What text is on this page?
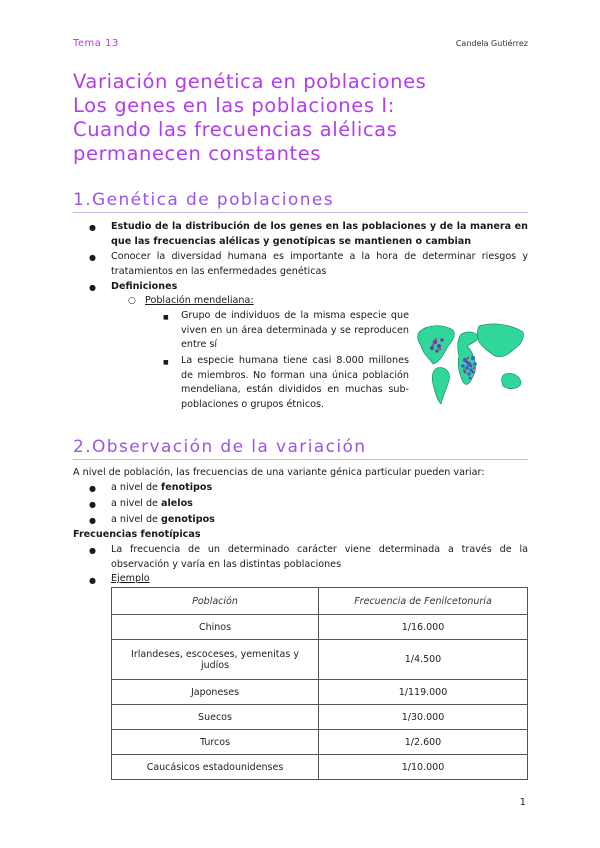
Tema 13	Candela Gutiérrez
Variación genética en poblaciones
Los genes en las poblaciones I:
Cuando las frecuencias alélicas
permanecen constantes
1.Genética de poblaciones
● Estudio de la distribución de los genes en las poblaciones y de la manera en que las frecuencias alélicas y genotípicas se mantienen o cambian
● Conocer la diversidad humana es importante a la hora de determinar riesgos y tratamientos en las enfermedades genéticas
● Definiciones
○ Población mendeliana:
■ Grupo de individuos de la misma especie que viven en un área determinada y se reproducen entre sí
■ La especie humana tiene casi 8.000 millones de miembros. No forman una única población mendeliana, están divididos en muchas sub-poblaciones o grupos étnicos.
2.Observación de la variación
A nivel de población, las frecuencias de una variante génica particular pueden variar:
● a nivel de fenotipos
● a nivel de alelos
● a nivel de genotipos
Frecuencias fenotípicas
● La frecuencia de un determinado carácter viene determinada a través de la observación y varía en las distintas poblaciones
● Ejemplo
Población	Frecuencia de Fenilcetonuria
Chinos	1/16.000
Irlandeses, escoceses, yemenitas y judíos	1/4.500
Japoneses	1/119.000
Suecos	1/30.000
Turcos	1/2.600
Caucásicos estadounidenses	1/10.000
1
